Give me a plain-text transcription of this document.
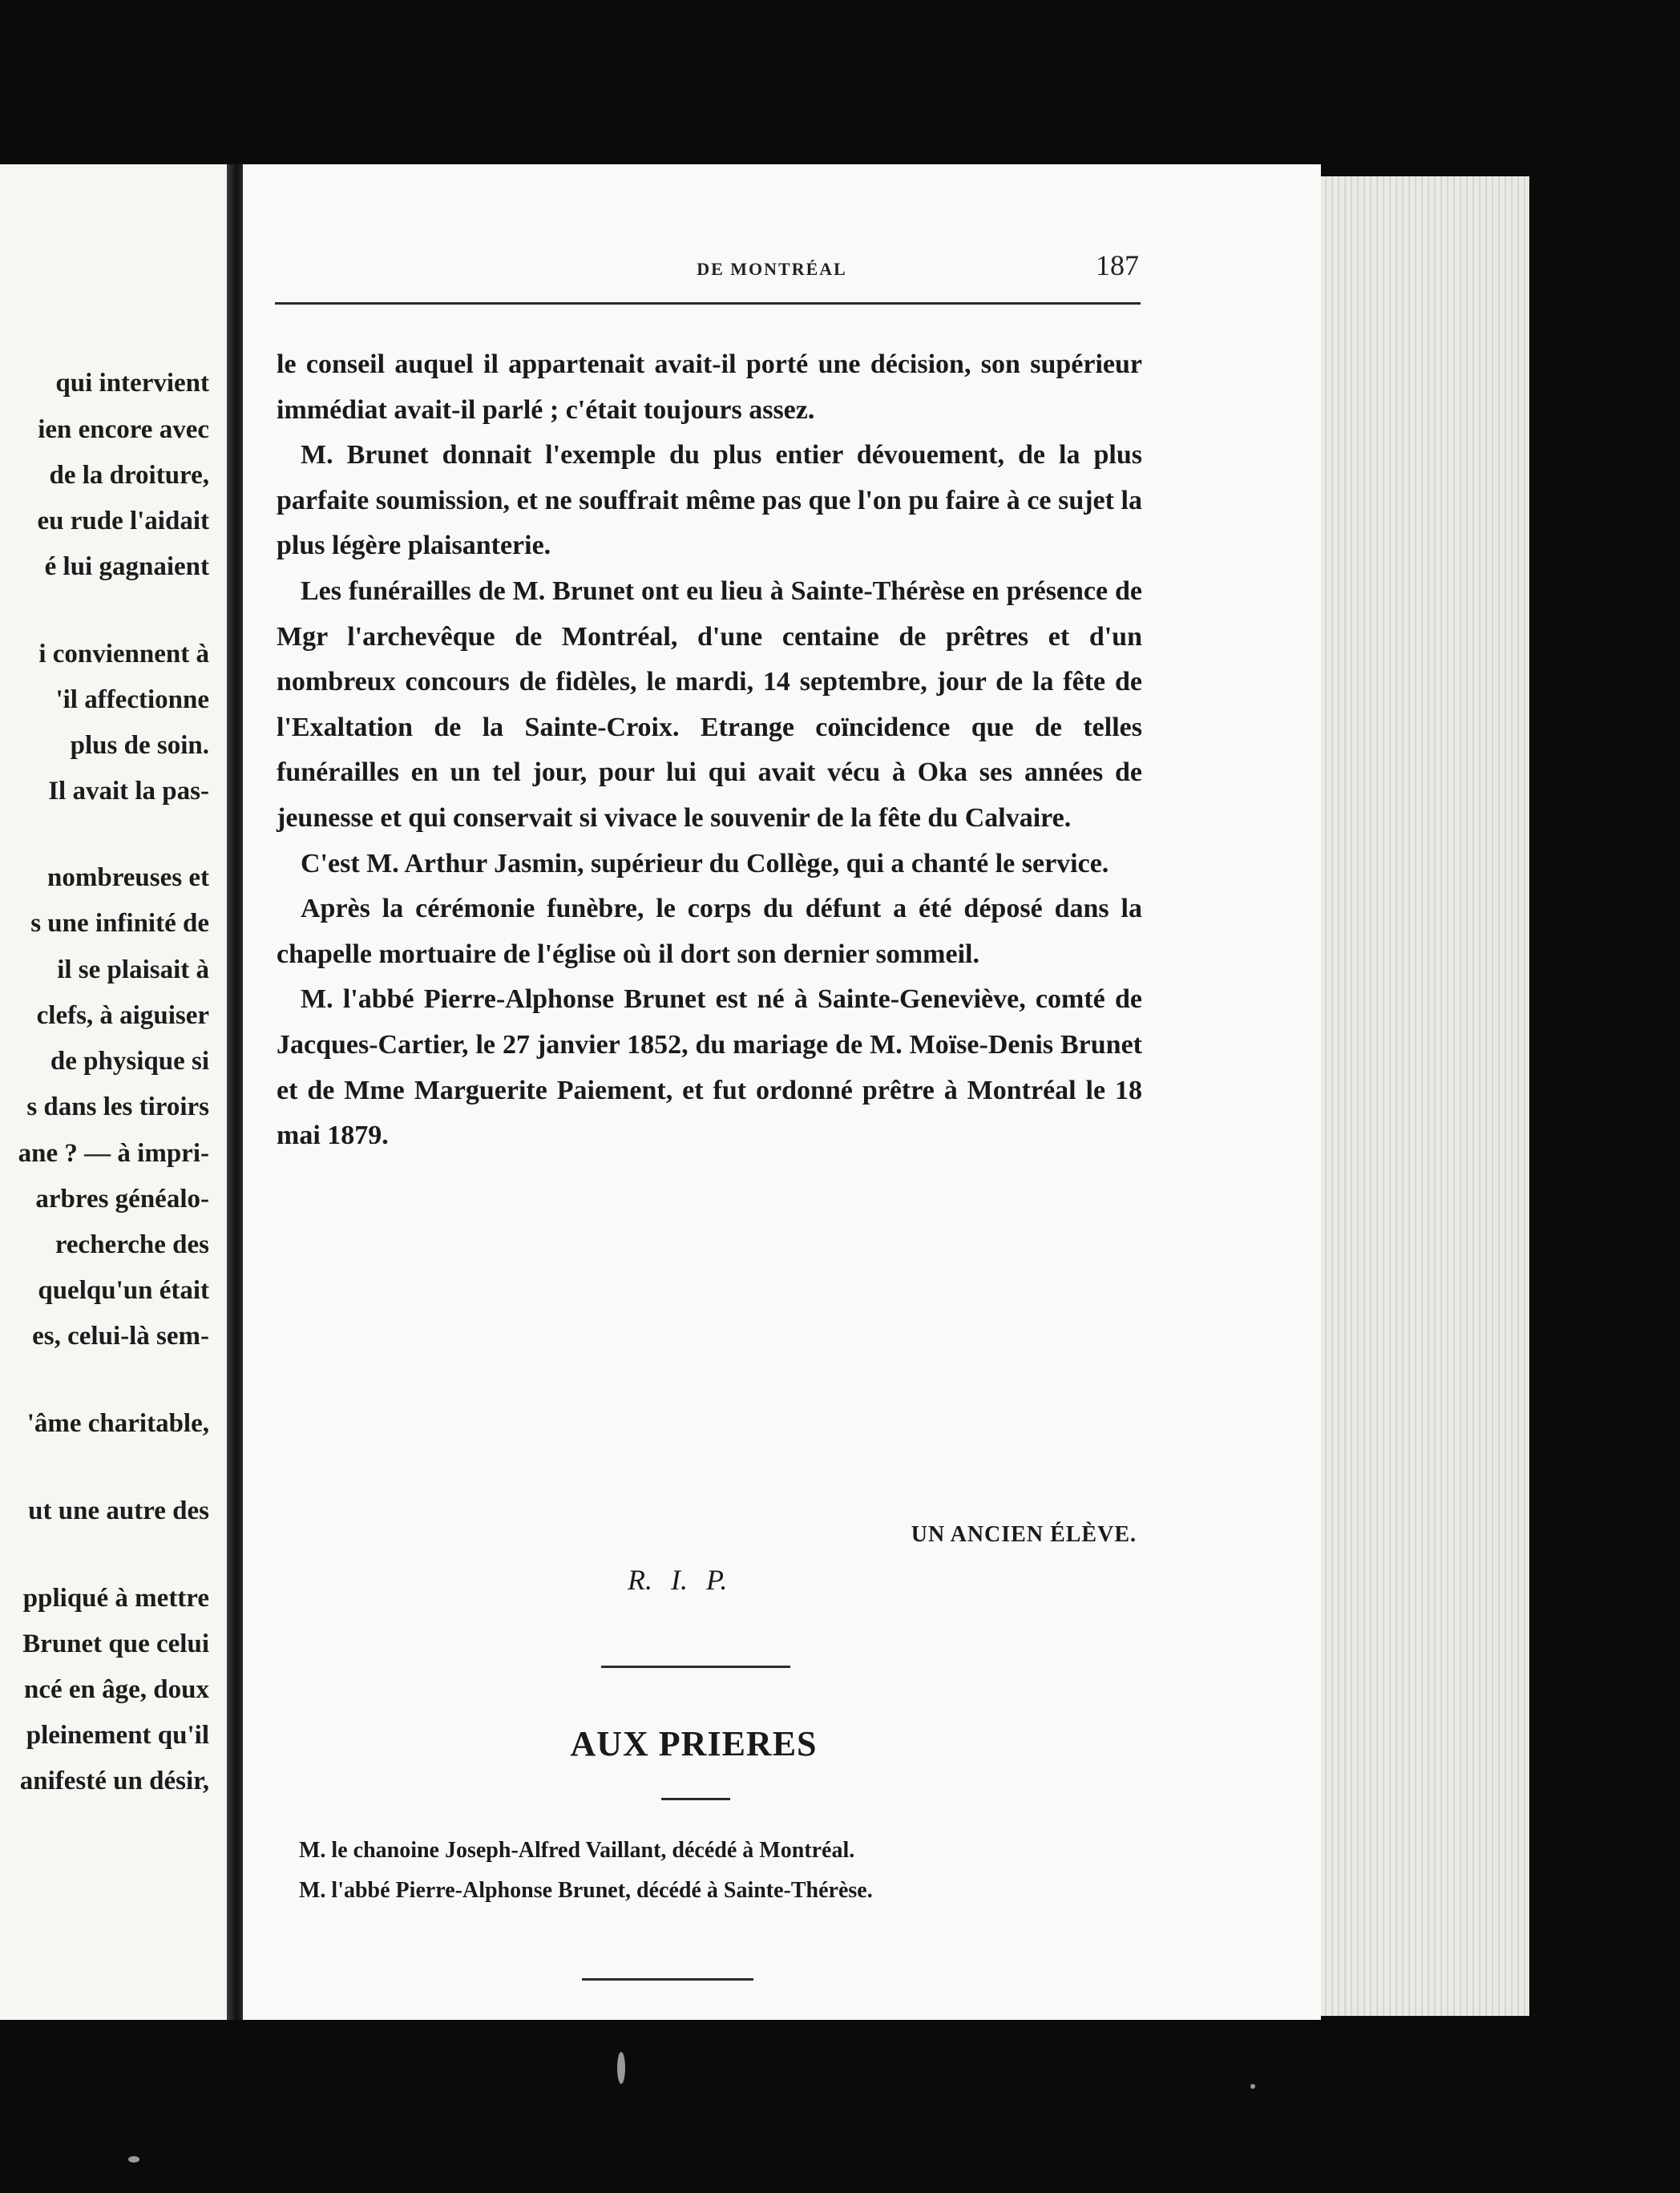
qui intervient
ien encore avec
de la droiture,
eu rude l'aidait
é lui gagnaient
i conviennent à
'il affectionne
plus de soin.
Il avait la pas-
nombreuses et
s une infinité de
il se plaisait à
clefs, à aiguiser
de physique si
s dans les tiroirs
ane ? — à impri-
arbres généalo-
recherche des
quelqu'un était
es, celui-là sem-
'âme charitable,
ut une autre des
ppliqué à mettre
Brunet que celui
ncé en âge, doux
pleinement qu'il
anifesté un désir,
DE MONTRÉAL	187

le conseil auquel il appartenait avait-il porté une décision, son supérieur immédiat avait-il parlé ; c'était toujours assez.

M. Brunet donnait l'exemple du plus entier dévouement, de la plus parfaite soumission, et ne souffrait même pas que l'on pu faire à ce sujet la plus légère plaisanterie.

Les funérailles de M. Brunet ont eu lieu à Sainte-Thérèse en présence de Mgr l'archevêque de Montréal, d'une centaine de prêtres et d'un nombreux concours de fidèles, le mardi, 14 septembre, jour de la fête de l'Exaltation de la Sainte-Croix. Etrange coïncidence que de telles funérailles en un tel jour, pour lui qui avait vécu à Oka ses années de jeunesse et qui conservait si vivace le souvenir de la fête du Calvaire.

C'est M. Arthur Jasmin, supérieur du Collège, qui a chanté le service.

Après la cérémonie funèbre, le corps du défunt a été déposé dans la chapelle mortuaire de l'église où il dort son dernier sommeil.

M. l'abbé Pierre-Alphonse Brunet est né à Sainte-Geneviève, comté de Jacques-Cartier, le 27 janvier 1852, du mariage de M. Moïse-Denis Brunet et de Mme Marguerite Paiement, et fut ordonné prêtre à Montréal le 18 mai 1879.

UN ANCIEN ÉLÈVE.
R. I. P.
AUX PRIERES
M. le chanoine Joseph-Alfred Vaillant, décédé à Montréal.
M. l'abbé Pierre-Alphonse Brunet, décédé à Sainte-Thérèse.
